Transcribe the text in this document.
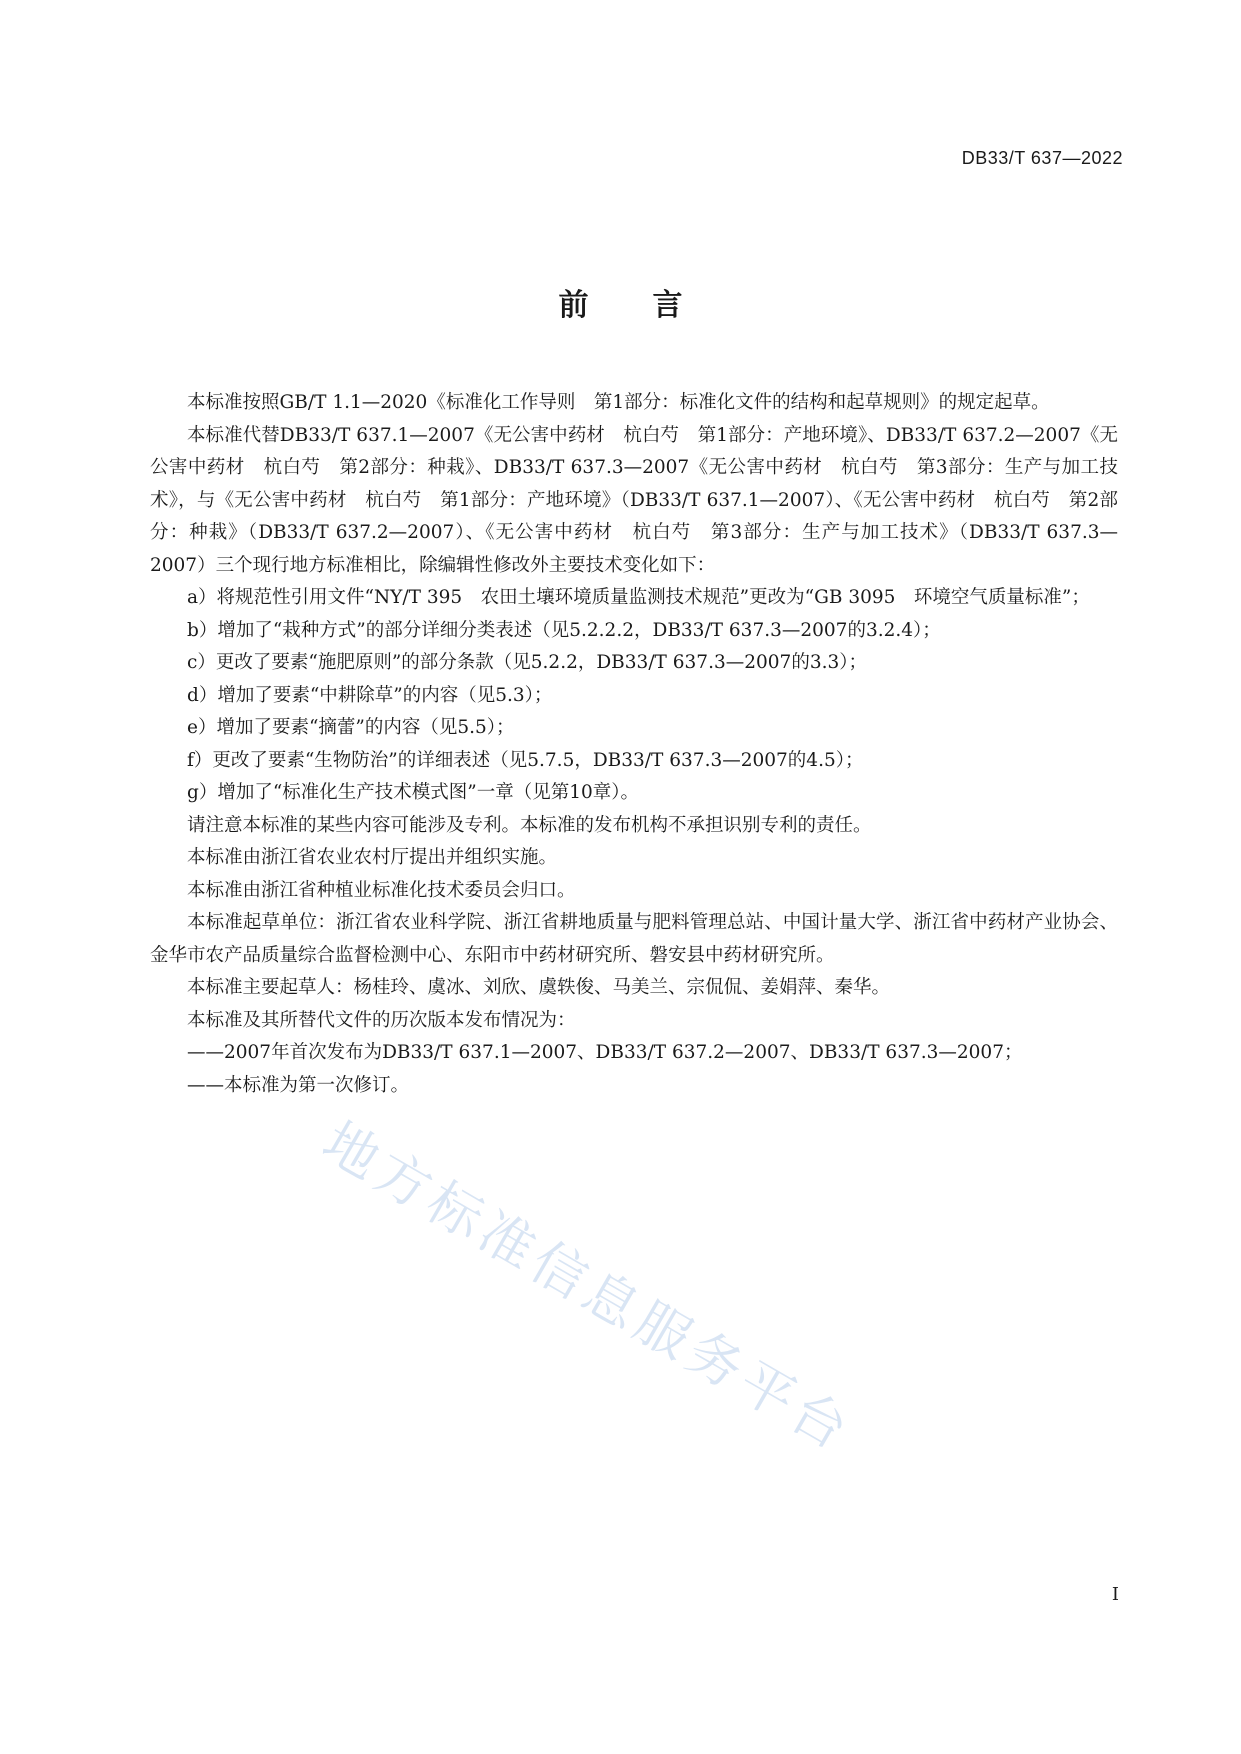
DB33/T 637—2022
前言

本标准按照GB/T 1.1—2020《标准化工作导则　第1部分：标准化文件的结构和起草规则》的规定起草。

本标准代替DB33/T 637.1—2007《无公害中药材　杭白芍　第1部分：产地环境》、DB33/T 637.2—2007《无公害中药材　杭白芍　第2部分：种栽》、DB33/T 637.3—2007《无公害中药材　杭白芍　第3部分：生产与加工技术》，与《无公害中药材　杭白芍　第1部分：产地环境》（DB33/T 637.1—2007）、《无公害中药材　杭白芍　第2部分：种栽》（DB33/T 637.2—2007）、《无公害中药材　杭白芍　第3部分：生产与加工技术》（DB33/T 637.3—2007）三个现行地方标准相比，除编辑性修改外主要技术变化如下：

a）将规范性引用文件“NY/T 395　农田土壤环境质量监测技术规范”更改为“GB 3095　环境空气质量标准”；

b）增加了“栽种方式”的部分详细分类表述（见5.2.2.2，DB33/T 637.3—2007的3.2.4）；

c）更改了要素“施肥原则”的部分条款（见5.2.2，DB33/T 637.3—2007的3.3）；

d）增加了要素“中耕除草”的内容（见5.3）；

e）增加了要素“摘蕾”的内容（见5.5）；

f）更改了要素“生物防治”的详细表述（见5.7.5，DB33/T 637.3—2007的4.5）；

g）增加了“标准化生产技术模式图”一章（见第10章）。

请注意本标准的某些内容可能涉及专利。本标准的发布机构不承担识别专利的责任。

本标准由浙江省农业农村厅提出并组织实施。

本标准由浙江省种植业标准化技术委员会归口。

本标准起草单位：浙江省农业科学院、浙江省耕地质量与肥料管理总站、中国计量大学、浙江省中药材产业协会、金华市农产品质量综合监督检测中心、东阳市中药材研究所、磐安县中药材研究所。

本标准主要起草人：杨桂玲、虞冰、刘欣、虞轶俊、马美兰、宗侃侃、姜娟萍、秦华。

本标准及其所替代文件的历次版本发布情况为：

——2007年首次发布为DB33/T 637.1—2007、DB33/T 637.2—2007、DB33/T 637.3—2007；

——本标准为第一次修订。

地方标准信息服务平台
I
